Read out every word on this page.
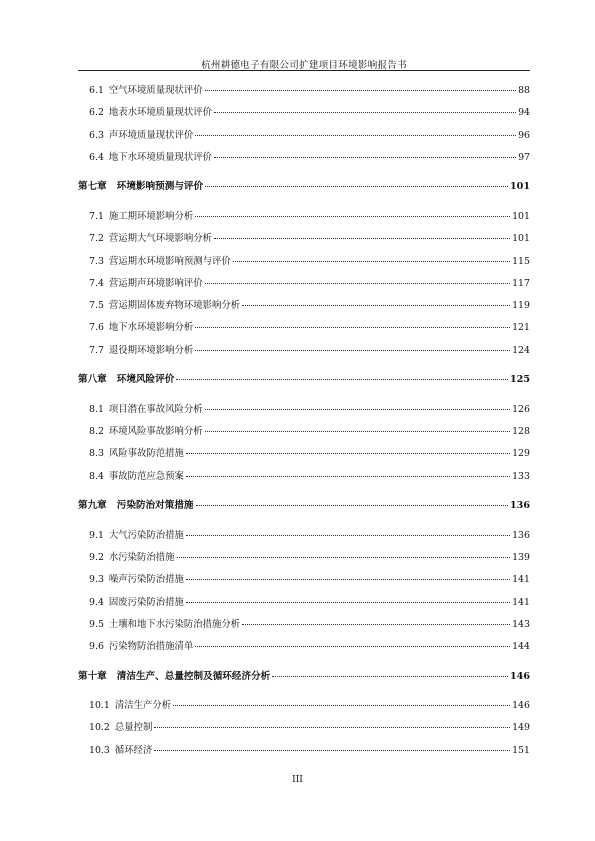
杭州耕德电子有限公司扩建项目环境影响报告书
6.1 空气环境质量现状评价	88
6.2 地表水环境质量现状评价	94
6.3 声环境质量现状评价	96
6.4 地下水环境质量现状评价	97
第七章 环境影响预测与评价	101
7.1 施工期环境影响分析	101
7.2 营运期大气环境影响分析	101
7.3 营运期水环境影响预测与评价	115
7.4 营运期声环境影响评价	117
7.5 营运期固体废弃物环境影响分析	119
7.6 地下水环境影响分析	121
7.7 退役期环境影响分析	124
第八章 环境风险评价	125
8.1 项目潜在事故风险分析	126
8.2 环境风险事故影响分析	128
8.3 风险事故防范措施	129
8.4 事故防范应急预案	133
第九章 污染防治对策措施	136
9.1 大气污染防治措施	136
9.2 水污染防治措施	139
9.3 噪声污染防治措施	141
9.4 固废污染防治措施	141
9.5 土壤和地下水污染防治措施分析	143
9.6 污染物防治措施清单	144
第十章 清洁生产、总量控制及循环经济分析	146
10.1 清洁生产分析	146
10.2 总量控制	149
10.3 循环经济	151
III
